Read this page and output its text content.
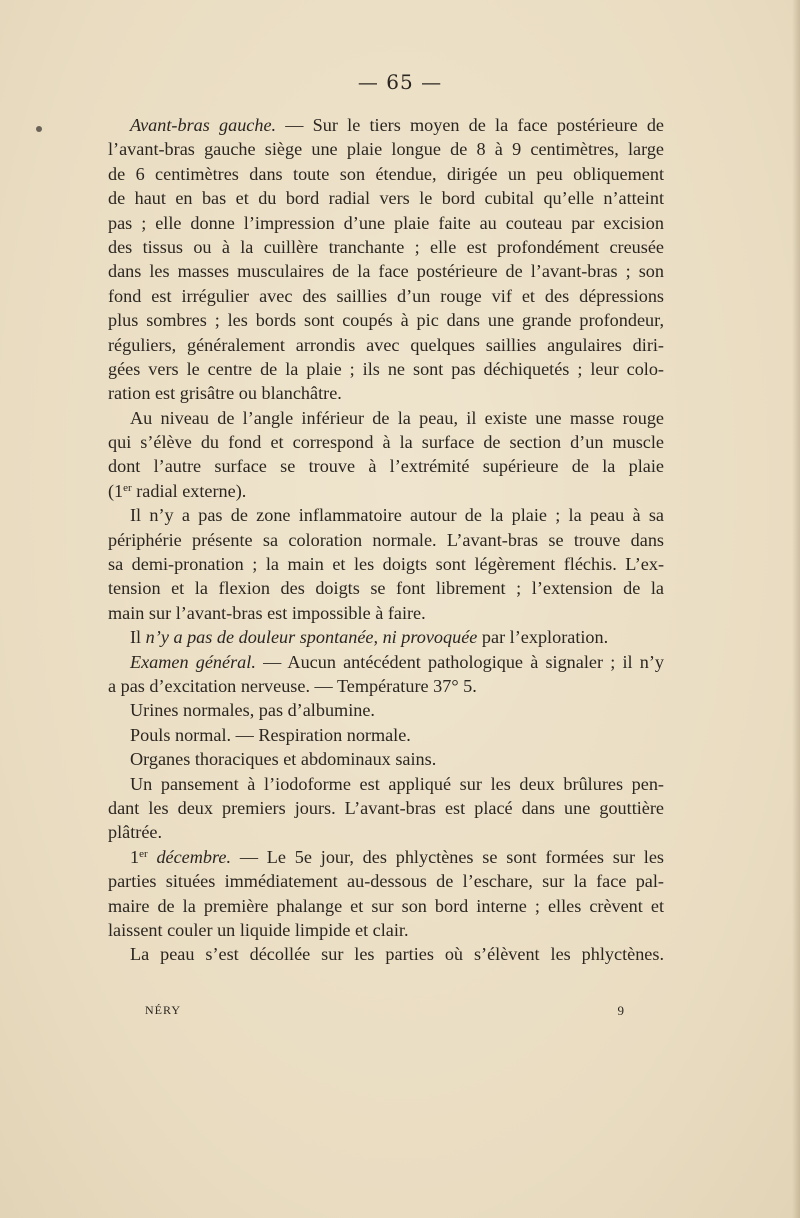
— 65 —
Avant-bras gauche. — Sur le tiers moyen de la face postérieure de
l’avant-bras gauche siège une plaie longue de 8 à 9 centimètres, large
de 6 centimètres dans toute son étendue, dirigée un peu obliquement
de haut en bas et du bord radial vers le bord cubital qu’elle n’atteint
pas ; elle donne l’impression d’une plaie faite au couteau par excision
des tissus ou à la cuillère tranchante ; elle est profondément creusée
dans les masses musculaires de la face postérieure de l’avant-bras ; son
fond est irrégulier avec des saillies d’un rouge vif et des dépressions
plus sombres ; les bords sont coupés à pic dans une grande profondeur,
réguliers, généralement arrondis avec quelques saillies angulaires diri-
gées vers le centre de la plaie ; ils ne sont pas déchiquetés ; leur colo-
ration est grisâtre ou blanchâtre.
Au niveau de l’angle inférieur de la peau, il existe une masse rouge
qui s’élève du fond et correspond à la surface de section d’un muscle
dont l’autre surface se trouve à l’extrémité supérieure de la plaie
(1er radial externe).
Il n’y a pas de zone inflammatoire autour de la plaie ; la peau à sa
périphérie présente sa coloration normale. L’avant-bras se trouve dans
sa demi-pronation ; la main et les doigts sont légèrement fléchis. L’ex-
tension et la flexion des doigts se font librement ; l’extension de la
main sur l’avant-bras est impossible à faire.
Il n’y a pas de douleur spontanée, ni provoquée par l’exploration.
Examen général. — Aucun antécédent pathologique à signaler ; il n’y
a pas d’excitation nerveuse. — Température 37° 5.
Urines normales, pas d’albumine.
Pouls normal. — Respiration normale.
Organes thoraciques et abdominaux sains.
Un pansement à l’iodoforme est appliqué sur les deux brûlures pen-
dant les deux premiers jours. L’avant-bras est placé dans une gouttière
plâtrée.
1er décembre. — Le 5e jour, des phlyctènes se sont formées sur les
parties situées immédiatement au-dessous de l’eschare, sur la face pal-
maire de la première phalange et sur son bord interne ; elles crèvent et
laissent couler un liquide limpide et clair.
La peau s’est décollée sur les parties où s’élèvent les phlyctènes.
NÉRY	9
